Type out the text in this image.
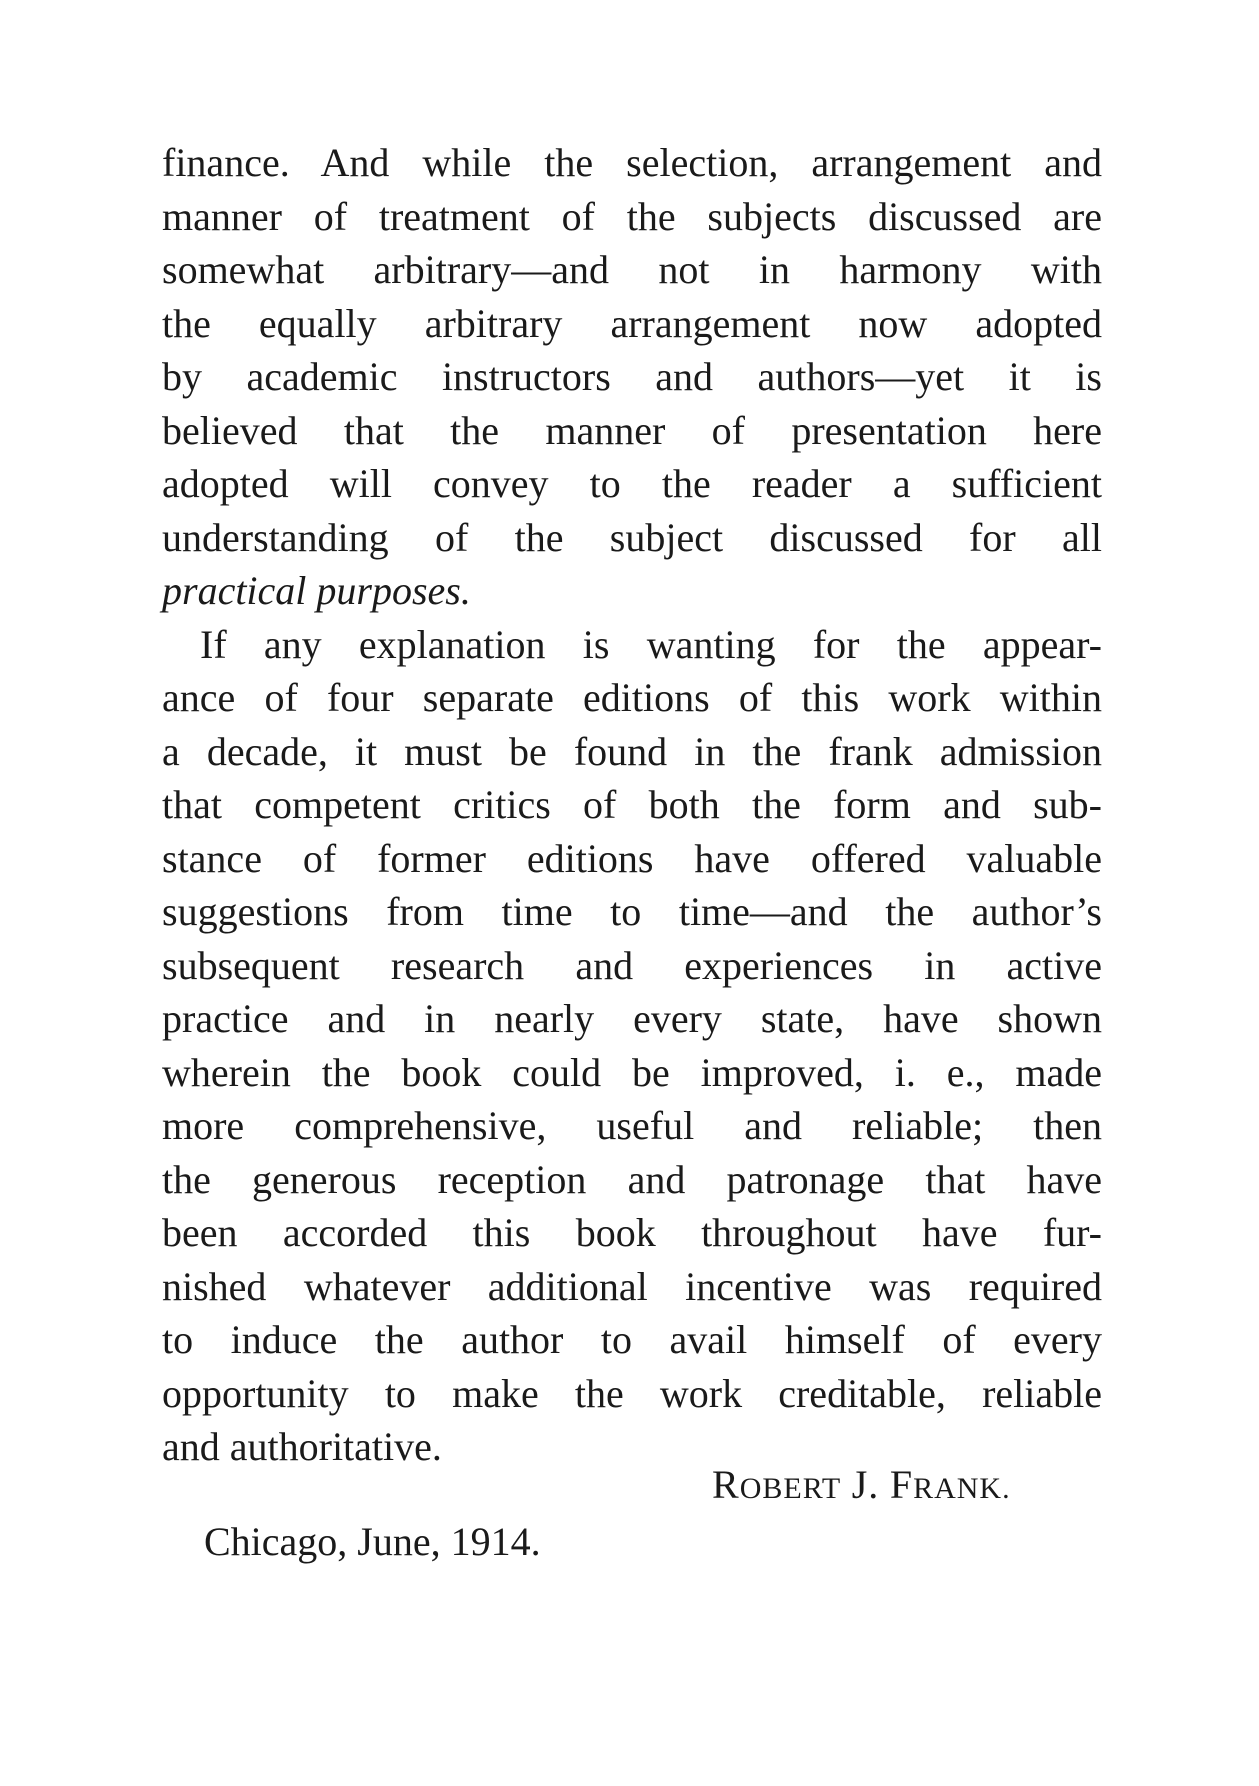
finance. And while the selection, arrangement and
manner of treatment of the subjects discussed are
somewhat arbitrary—and not in harmony with
the equally arbitrary arrangement now adopted
by academic instructors and authors—yet it is
believed that the manner of presentation here
adopted will convey to the reader a sufficient
understanding of the subject discussed for all
practical purposes.
If any explanation is wanting for the appear-
ance of four separate editions of this work within
a decade, it must be found in the frank admission
that competent critics of both the form and sub-
stance of former editions have offered valuable
suggestions from time to time—and the author’s
subsequent research and experiences in active
practice and in nearly every state, have shown
wherein the book could be improved, i. e., made
more comprehensive, useful and reliable; then
the generous reception and patronage that have
been accorded this book throughout have fur-
nished whatever additional incentive was required
to induce the author to avail himself of every
opportunity to make the work creditable, reliable
and authoritative.
ROBERT J. FRANK.
Chicago, June, 1914.
